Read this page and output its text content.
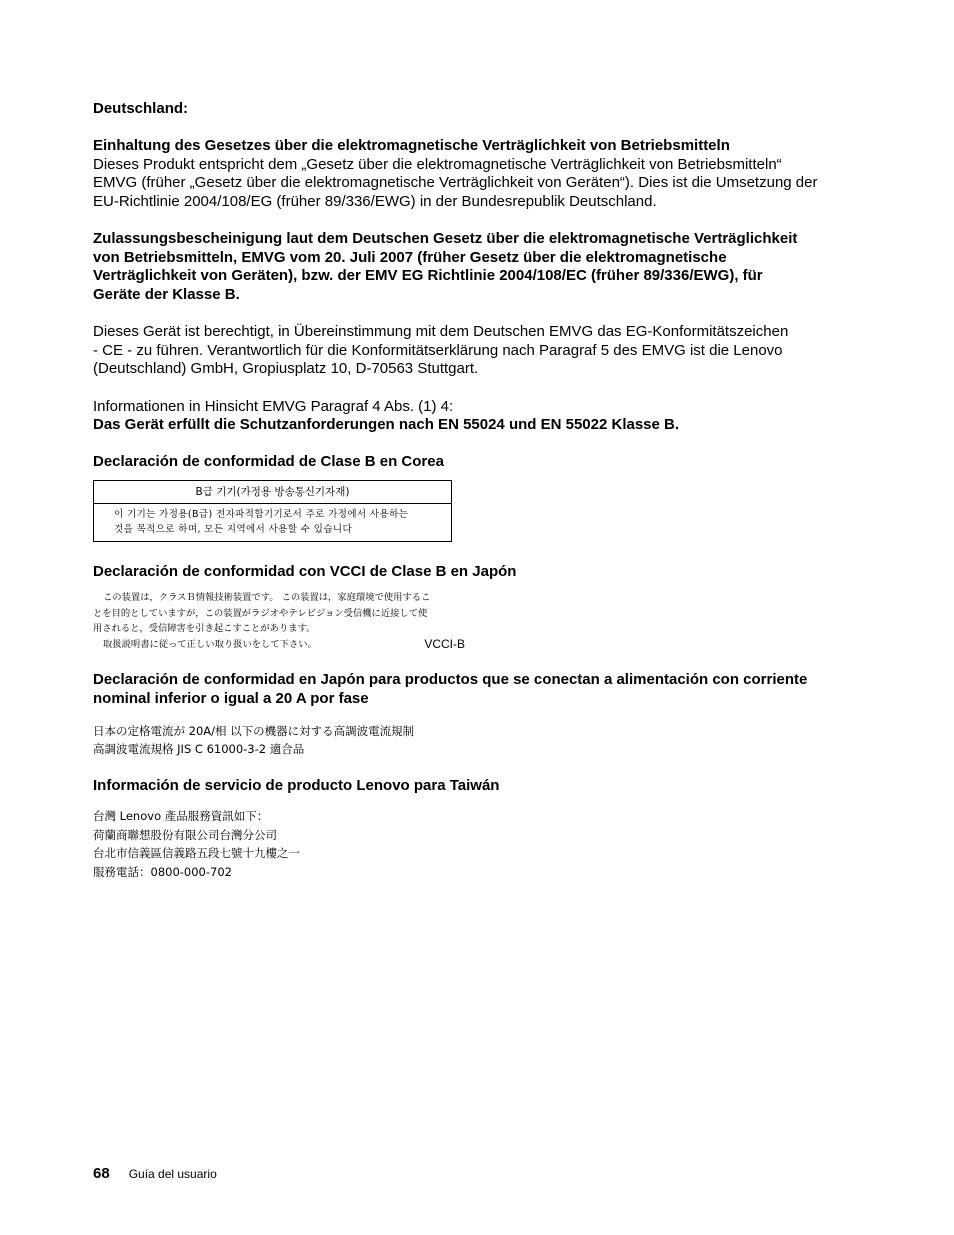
Deutschland:

Einhaltung des Gesetzes über die elektromagnetische Verträglichkeit von Betriebsmitteln

Dieses Produkt entspricht dem „Gesetz über die elektromagnetische Verträglichkeit von Betriebsmitteln“

EMVG (früher „Gesetz über die elektromagnetische Verträglichkeit von Geräten“). Dies ist die Umsetzung der

EU-Richtlinie 2004/108/EG (früher 89/336/EWG) in der Bundesrepublik Deutschland.

Zulassungsbescheinigung laut dem Deutschen Gesetz über die elektromagnetische Verträglichkeit

von Betriebsmitteln, EMVG vom 20. Juli 2007 (früher Gesetz über die elektromagnetische

Verträglichkeit von Geräten), bzw. der EMV EG Richtlinie 2004/108/EC (früher 89/336/EWG), für

Geräte der Klasse B.

Dieses Gerät ist berechtigt, in Übereinstimmung mit dem Deutschen EMVG das EG-Konformitätszeichen

- CE - zu führen. Verantwortlich für die Konformitätserklärung nach Paragraf 5 des EMVG ist die Lenovo

(Deutschland) GmbH, Gropiusplatz 10, D-70563 Stuttgart.

Informationen in Hinsicht EMVG Paragraf 4 Abs. (1) 4:

Das Gerät erfüllt die Schutzanforderungen nach EN 55024 und EN 55022 Klasse B.

Declaración de conformidad de Clase B en Corea

B급 기기(가정용 방송통신기자재)
이 기기는 가정용(B급) 전자파적합기기로서 주로 가정에서 사용하는
것을 목적으로 하며, 모든 지역에서 사용할 수 있습니다

Declaración de conformidad con VCCI de Clase B en Japón

この装置は，クラスＢ情報技術装置です。 この装置は，家庭環境で使用するこ
とを目的としていますが，この装置がラジオやテレビジョン受信機に近接して使
用されると，受信障害を引き起こすことがあります。
取扱説明書に従って正しい取り扱いをして下さい。	VCCI-B

Declaración de conformidad en Japón para productos que se conectan a alimentación con corriente

nominal inferior o igual a 20 A por fase

日本の定格電流が 20A/相 以下の機器に対する高調波電流規制
高調波電流規格 JIS C 61000-3-2 適合品

Información de servicio de producto Lenovo para Taiwán

台灣 Lenovo 產品服務資訊如下：
荷蘭商聯想股份有限公司台灣分公司
台北市信義區信義路五段七號十九樓之一
服務電話：0800-000-702
68 Guía del usuario
